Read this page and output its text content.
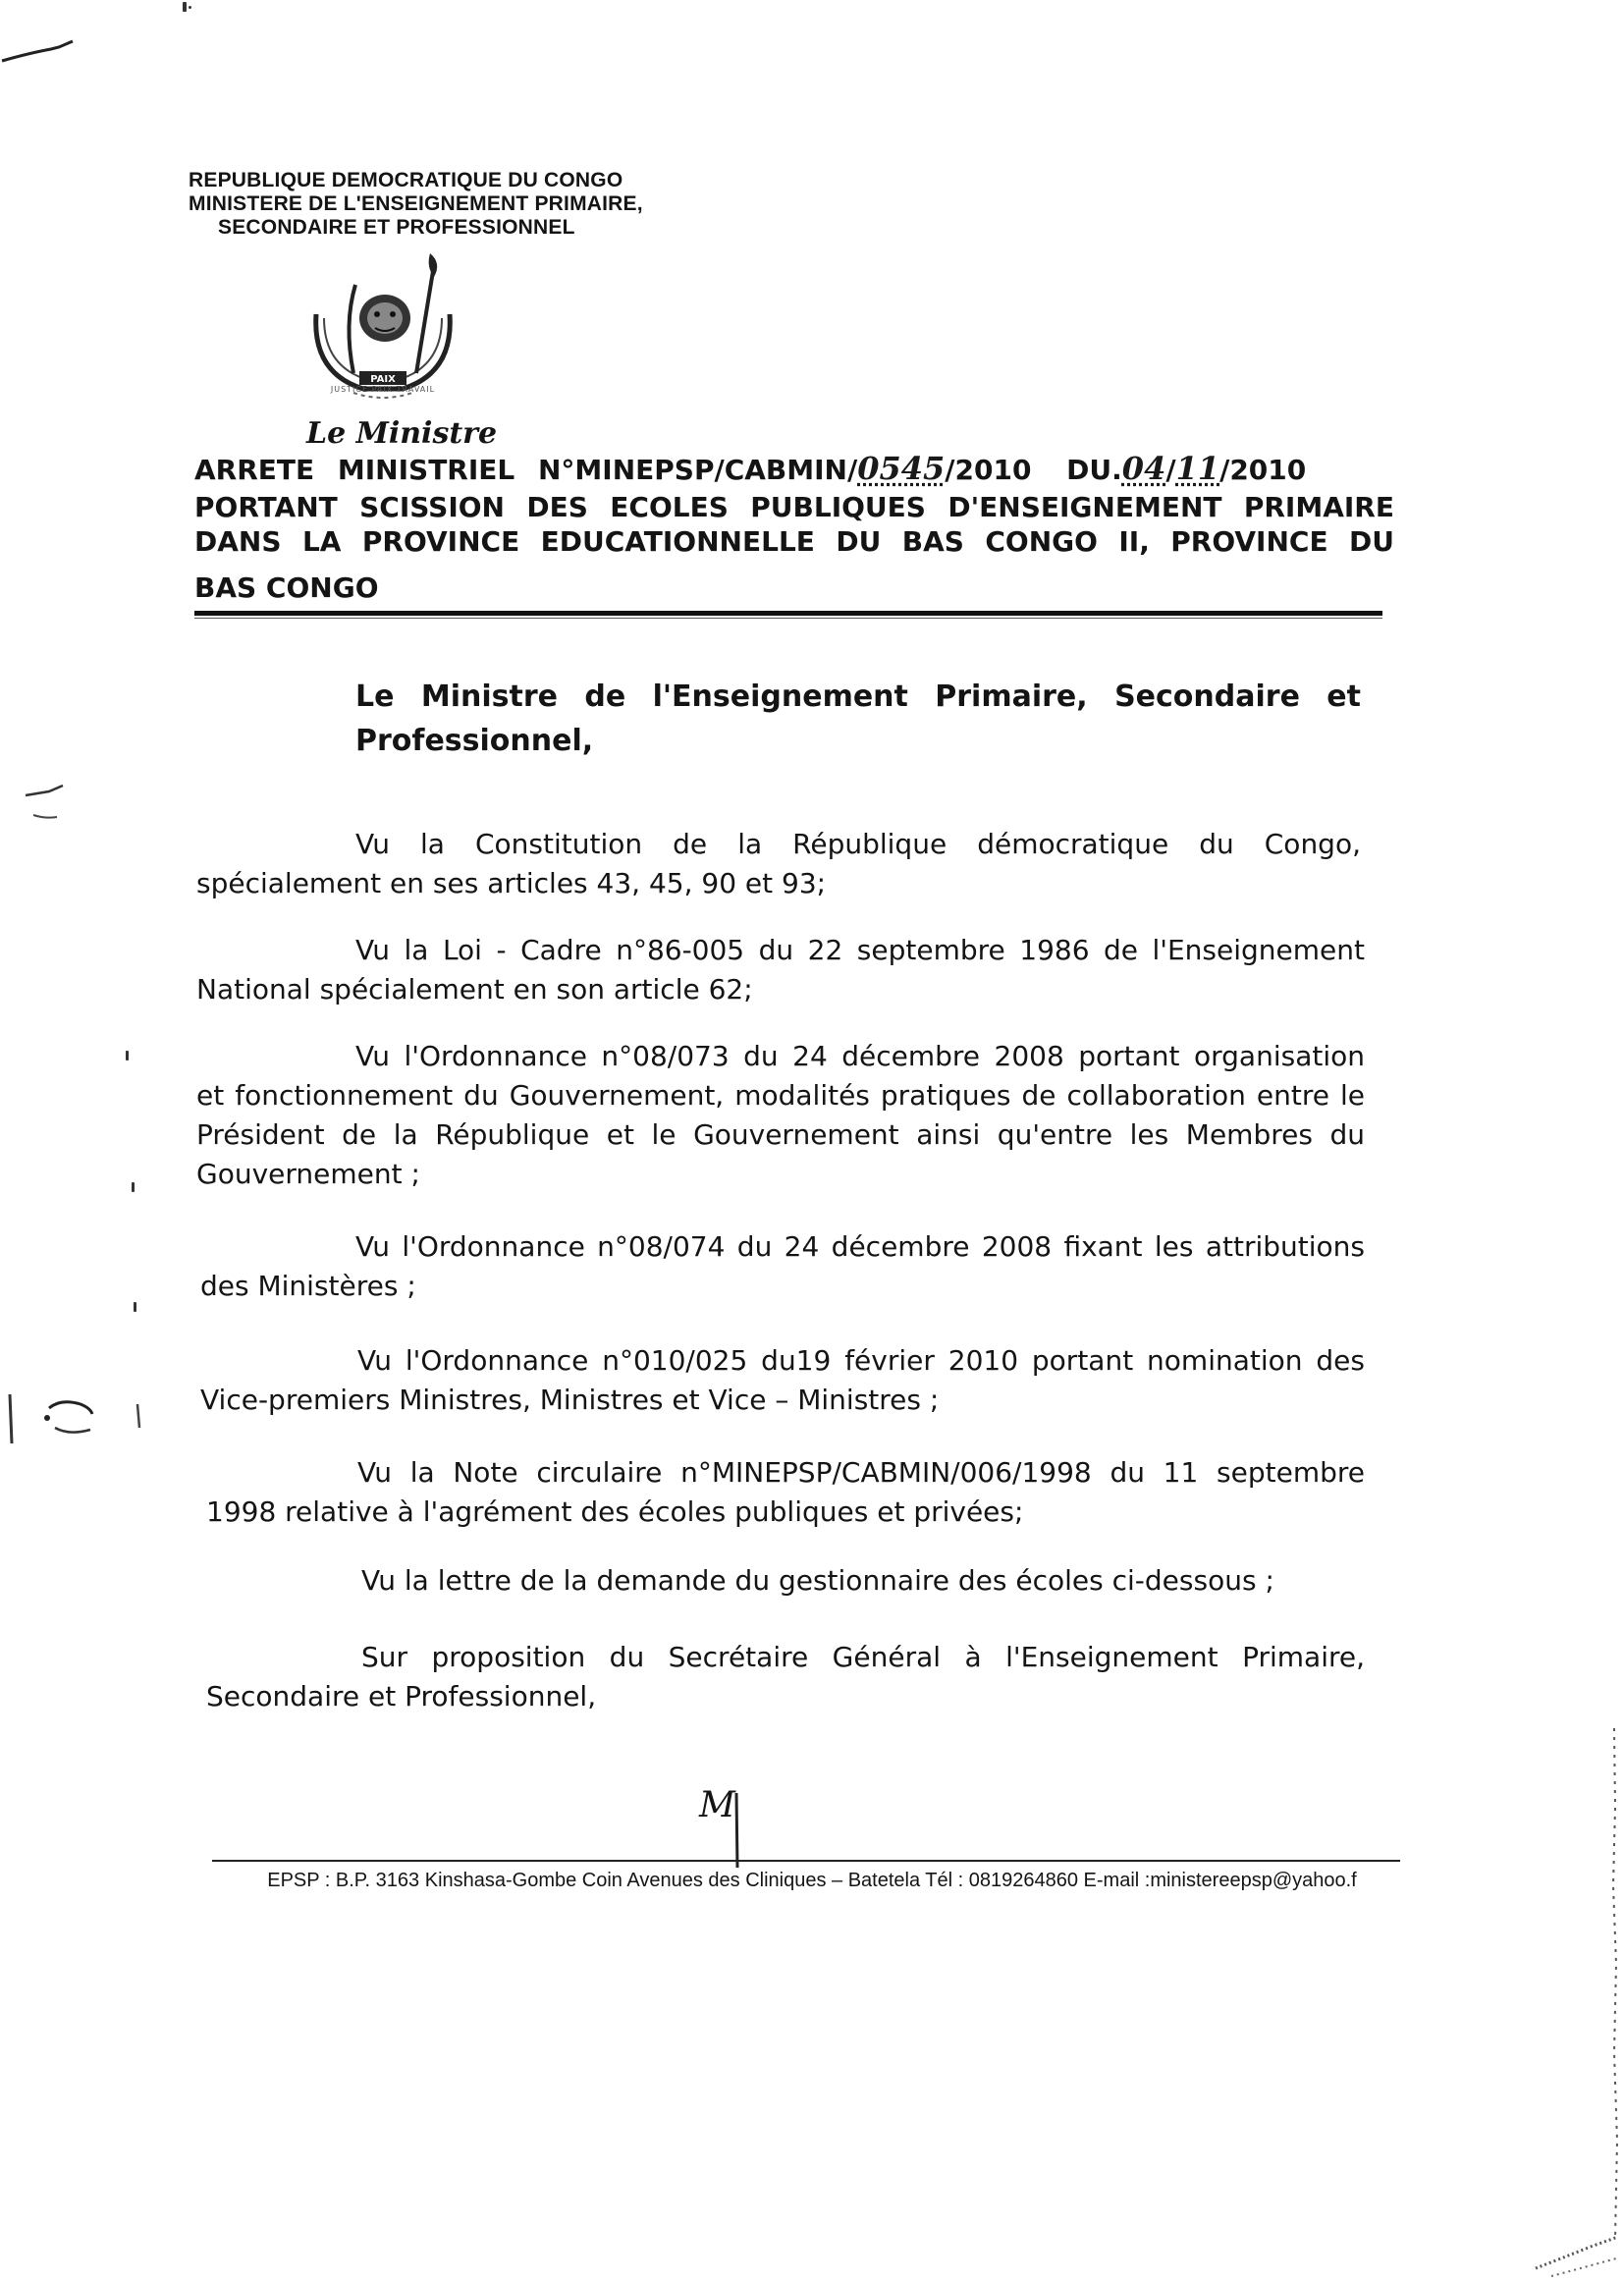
REPUBLIQUE DEMOCRATIQUE DU CONGO
MINISTERE DE L'ENSEIGNEMENT PRIMAIRE,
SECONDAIRE ET PROFESSIONNEL
PAIX
JUSTICE PAIX TRAVAIL
Le Ministre
ARRETE MINISTRIEL N°MINEPSP/CABMIN/ 0545 /2010 DU. 04 / 11 /2010
PORTANT SCISSION DES ECOLES PUBLIQUES D'ENSEIGNEMENT PRIMAIRE
DANS LA PROVINCE EDUCATIONNELLE DU BAS CONGO II, PROVINCE DU
BAS CONGO
Le Ministre de l'Enseignement Primaire, Secondaire et
Professionnel,
Vu la Constitution de la République démocratique du Congo,
spécialement en ses articles 43, 45, 90 et 93;
Vu la Loi - Cadre n°86-005 du 22 septembre 1986 de l'Enseignement
National spécialement en son article 62;
Vu l'Ordonnance n°08/073 du 24 décembre 2008 portant organisation
et fonctionnement du Gouvernement, modalités pratiques de collaboration entre le
Président de la République et le Gouvernement ainsi qu'entre les Membres du
Gouvernement ;
Vu l'Ordonnance n°08/074 du 24 décembre 2008 fixant les attributions
des Ministères ;
Vu l'Ordonnance n°010/025 du19 février 2010 portant nomination des
Vice-premiers Ministres, Ministres et Vice – Ministres ;
Vu la Note circulaire n°MINEPSP/CABMIN/006/1998 du 11 septembre
1998 relative à l'agrément des écoles publiques et privées;
Vu la lettre de la demande du gestionnaire des écoles ci-dessous ;
Sur proposition du Secrétaire Général à l'Enseignement Primaire,
Secondaire et Professionnel,
M
EPSP : B.P. 3163 Kinshasa-Gombe Coin Avenues des Cliniques – Batetela Tél : 0819264860 E-mail :ministereepsp@yahoo.f
